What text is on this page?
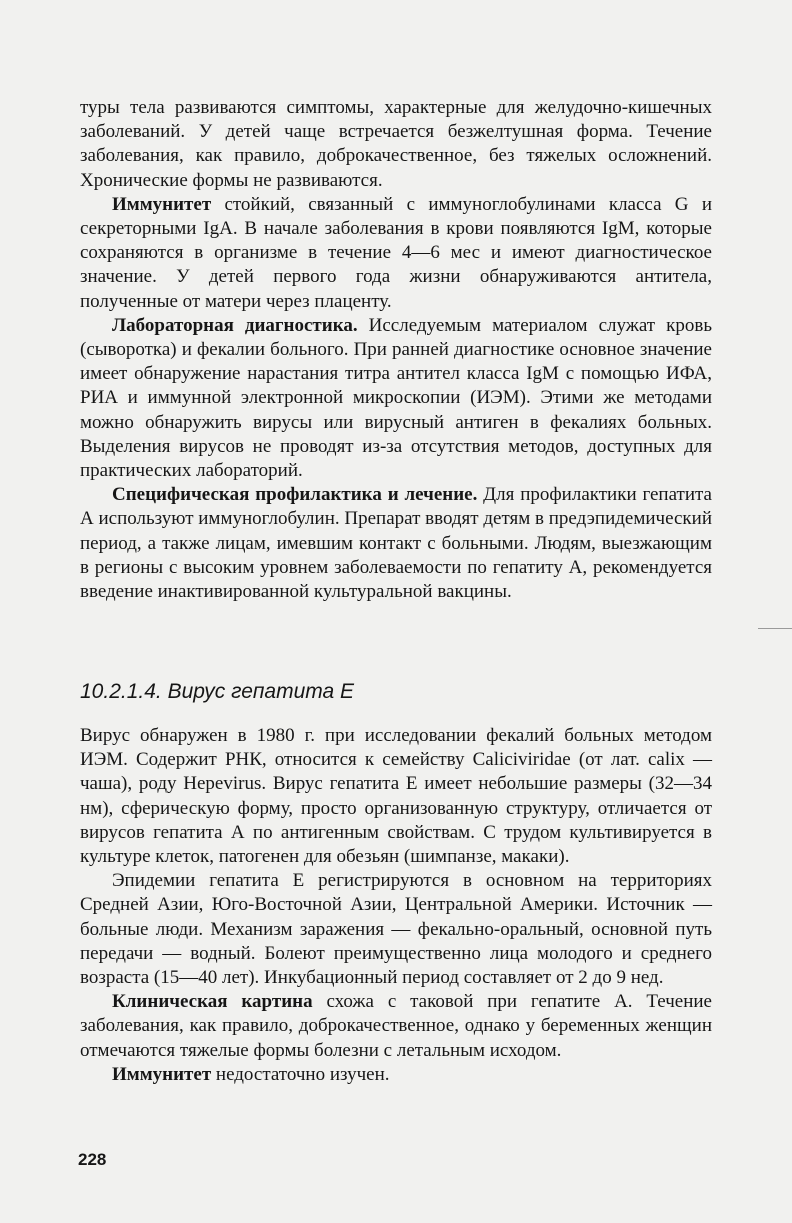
туры тела развиваются симптомы, характерные для желудочно-кишечных заболеваний. У детей чаще встречается безжелтушная форма. Течение заболевания, как правило, доброкачественное, без тяжелых осложнений. Хронические формы не развиваются.

Иммунитет стойкий, связанный с иммуноглобулинами класса G и секреторными IgA. В начале заболевания в крови появляются IgM, которые сохраняются в организме в течение 4—6 мес и имеют диагностическое значение. У детей первого года жизни обнаруживаются антитела, полученные от матери через плаценту.

Лабораторная диагностика. Исследуемым материалом служат кровь (сыворотка) и фекалии больного. При ранней диагностике основное значение имеет обнаружение нарастания титра антител класса IgM с помощью ИФА, РИА и иммунной электронной микроскопии (ИЭМ). Этими же методами можно обнаружить вирусы или вирусный антиген в фекалиях больных. Выделения вирусов не проводят из-за отсутствия методов, доступных для практических лабораторий.

Специфическая профилактика и лечение. Для профилактики гепатита А используют иммуноглобулин. Препарат вводят детям в предэпидемический период, а также лицам, имевшим контакт с больными. Людям, выезжающим в регионы с высоким уровнем заболеваемости по гепатиту А, рекомендуется введение инактивированной культуральной вакцины.

10.2.1.4. Вирус гепатита Е

Вирус обнаружен в 1980 г. при исследовании фекалий больных методом ИЭМ. Содержит РНК, относится к семейству Caliciviridae (от лат. calix — чаша), роду Hepevirus. Вирус гепатита Е имеет небольшие размеры (32—34 нм), сферическую форму, просто организованную структуру, отличается от вирусов гепатита А по антигенным свойствам. С трудом культивируется в культуре клеток, патогенен для обезьян (шимпанзе, макаки).

Эпидемии гепатита Е регистрируются в основном на территориях Средней Азии, Юго-Восточной Азии, Центральной Америки. Источник — больные люди. Механизм заражения — фекально-оральный, основной путь передачи — водный. Болеют преимущественно лица молодого и среднего возраста (15—40 лет). Инкубационный период составляет от 2 до 9 нед.

Клиническая картина схожа с таковой при гепатите А. Течение заболевания, как правило, доброкачественное, однако у беременных женщин отмечаются тяжелые формы болезни с летальным исходом.

Иммунитет недостаточно изучен.

228
